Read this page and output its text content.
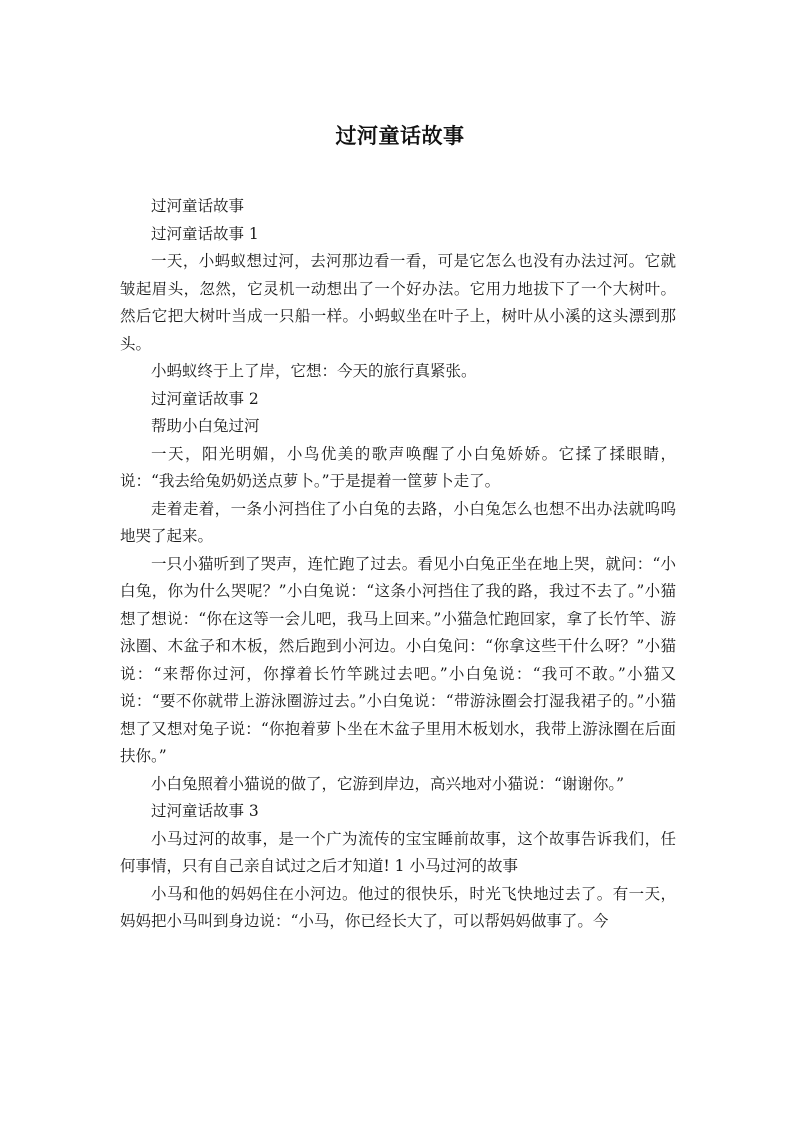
过河童话故事

过河童话故事

过河童话故事 1

一天，小蚂蚁想过河，去河那边看一看，可是它怎么也没有办法过河。它就皱起眉头，忽然，它灵机一动想出了一个好办法。它用力地拔下了一个大树叶。然后它把大树叶当成一只船一样。小蚂蚁坐在叶子上，树叶从小溪的这头漂到那头。

小蚂蚁终于上了岸，它想：今天的旅行真紧张。

过河童话故事 2

帮助小白兔过河

一天，阳光明媚，小鸟优美的歌声唤醒了小白兔娇娇。它揉了揉眼睛，说：“我去给兔奶奶送点萝卜。”于是提着一筐萝卜走了。

走着走着，一条小河挡住了小白兔的去路，小白兔怎么也想不出办法就呜呜地哭了起来。

一只小猫听到了哭声，连忙跑了过去。看见小白兔正坐在地上哭，就问：“小白兔，你为什么哭呢？”小白兔说：“这条小河挡住了我的路，我过不去了。”小猫想了想说：“你在这等一会儿吧，我马上回来。”小猫急忙跑回家，拿了长竹竿、游泳圈、木盆子和木板，然后跑到小河边。小白兔问：“你拿这些干什么呀？”小猫说：“来帮你过河，你撑着长竹竿跳过去吧。”小白兔说：“我可不敢。”小猫又说：“要不你就带上游泳圈游过去。”小白兔说：“带游泳圈会打湿我裙子的。”小猫想了又想对兔子说：“你抱着萝卜坐在木盆子里用木板划水，我带上游泳圈在后面扶你。”

小白兔照着小猫说的做了，它游到岸边，高兴地对小猫说：“谢谢你。”

过河童话故事 3

小马过河的故事，是一个广为流传的宝宝睡前故事，这个故事告诉我们，任何事情，只有自己亲自试过之后才知道! 1 小马过河的故事

小马和他的妈妈住在小河边。他过的很快乐，时光飞快地过去了。有一天，妈妈把小马叫到身边说：“小马，你已经长大了，可以帮妈妈做事了。今
